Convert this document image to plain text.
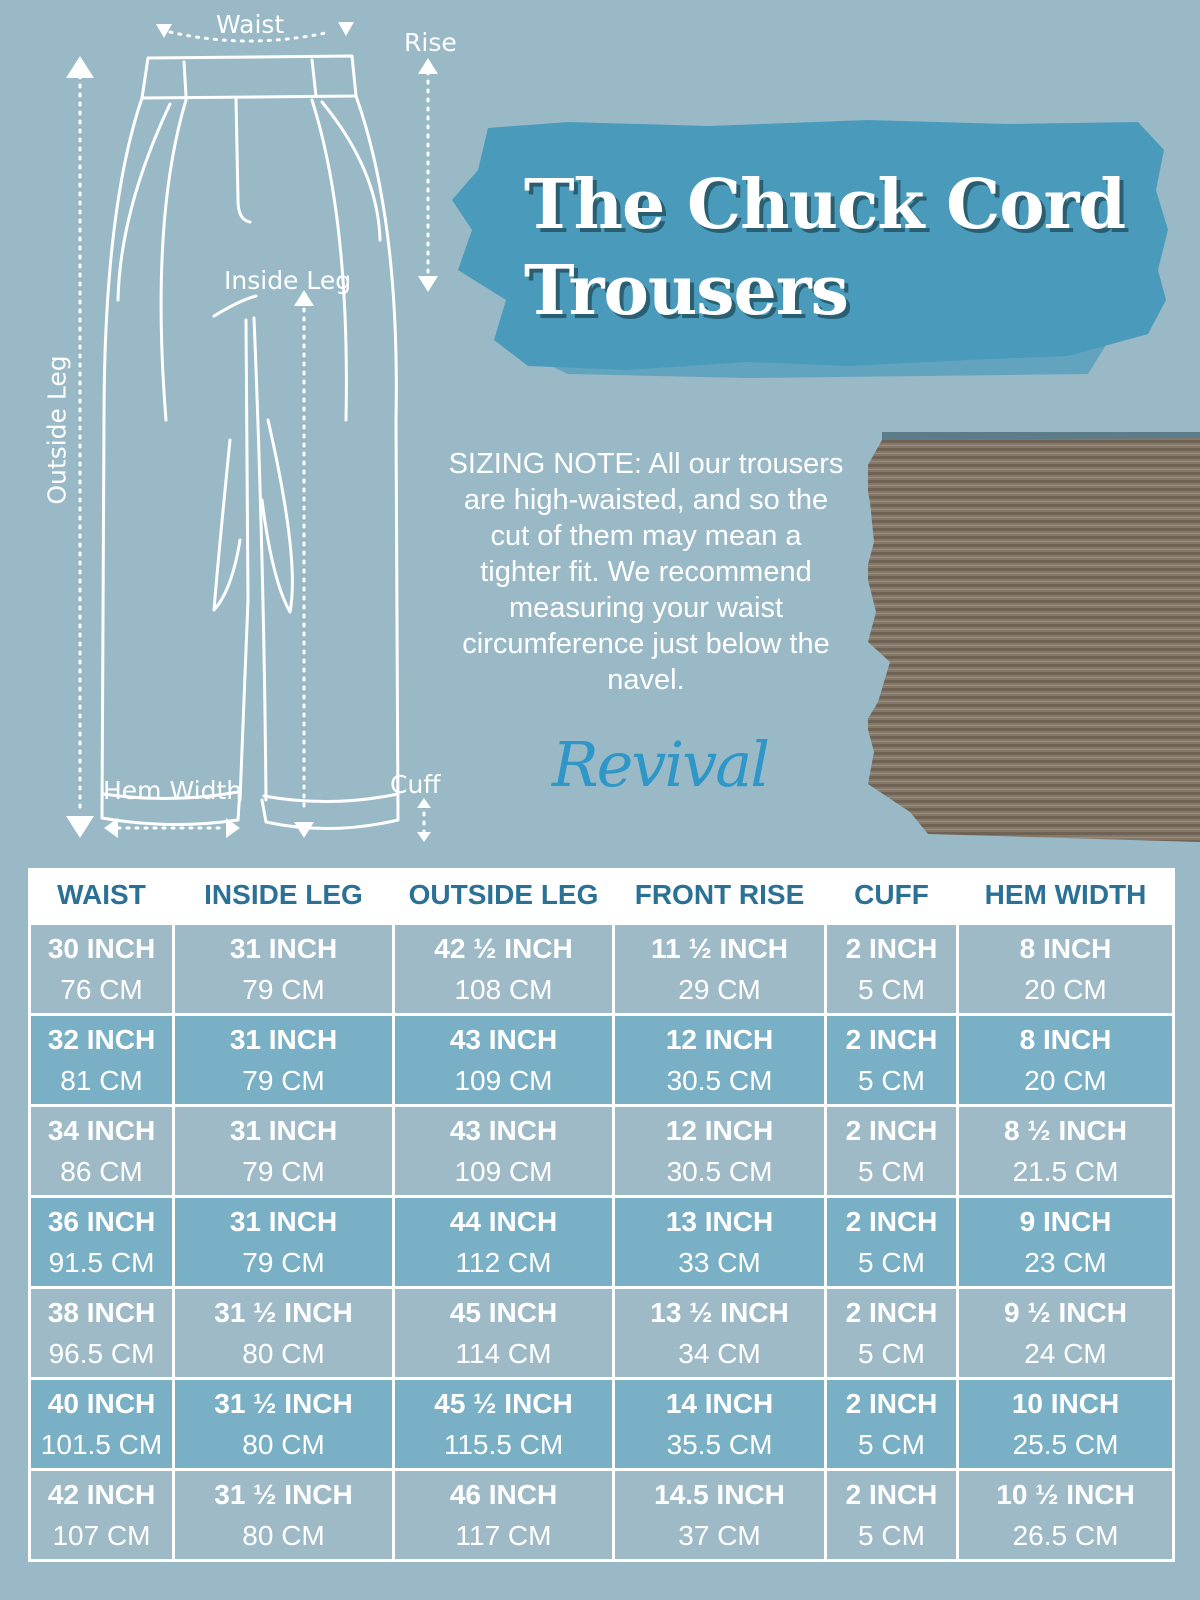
Waist
Rise
Inside Leg
Outside Leg
Hem Width	Cuff
The Chuck Cord
Trousers
SIZING NOTE: All our trousers are high-waisted, and so the cut of them may mean a tighter fit. We recommend measuring your waist circumference just below the navel.
Revival
WAIST	INSIDE LEG	OUTSIDE LEG	FRONT RISE	CUFF	HEM WIDTH

30 INCH
76 CM	31 INCH
79 CM	42 ½ INCH
108 CM	11 ½ INCH
29 CM	2 INCH
5 CM	8 INCH
20 CM

32 INCH
81 CM	31 INCH
79 CM	43 INCH
109 CM	12 INCH
30.5 CM	2 INCH
5 CM	8 INCH
20 CM

34 INCH
86 CM	31 INCH
79 CM	43 INCH
109 CM	12 INCH
30.5 CM	2 INCH
5 CM	8 ½ INCH
21.5 CM

36 INCH
91.5 CM	31 INCH
79 CM	44 INCH
112 CM	13 INCH
33 CM	2 INCH
5 CM	9 INCH
23 CM

38 INCH
96.5 CM	31 ½ INCH
80 CM	45 INCH
114 CM	13 ½ INCH
34 CM	2 INCH
5 CM	9 ½ INCH
24 CM

40 INCH
101.5 CM	31 ½ INCH
80 CM	45 ½ INCH
115.5 CM	14 INCH
35.5 CM	2 INCH
5 CM	10 INCH
25.5 CM

42 INCH
107 CM	31 ½ INCH
80 CM	46 INCH
117 CM	14.5 INCH
37 CM	2 INCH
5 CM	10 ½ INCH
26.5 CM
